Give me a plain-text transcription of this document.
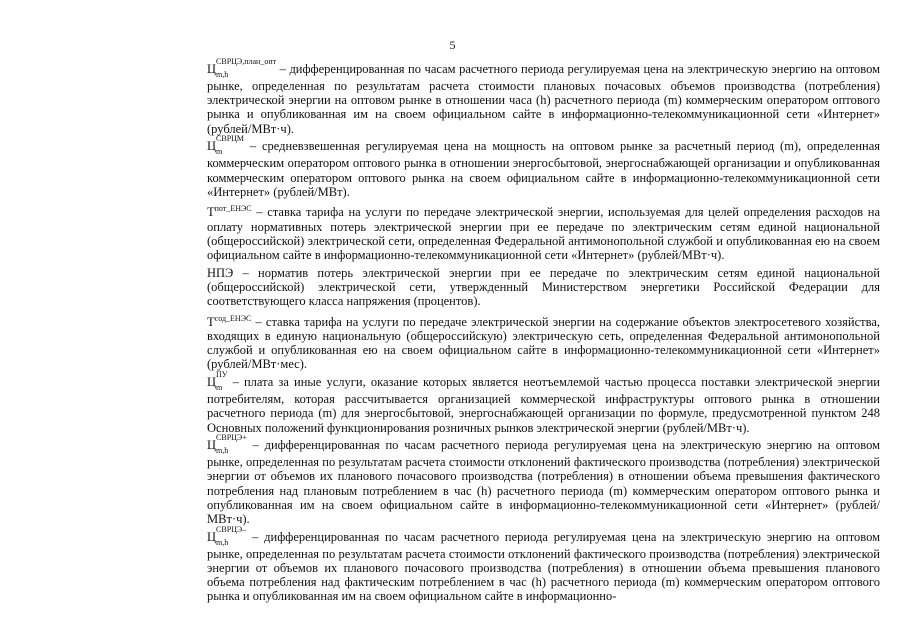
5

Ц
СВРЦЭ,план_опт
m,h	– дифференцированная по часам расчетного периода регулируемая цена на электрическую энергию на оптовом рынке, определенная по результатам расчета стоимости плановых почасовых объемов производства (потребления) электрической энергии на оптовом рынке в отношении часа (h) расчетного периода (m) коммерческим оператором оптового рынка и опубликованная им на своем официальном сайте в информационно-телекоммуникационной сети «Интернет» (рублей/МВт·ч).

Ц
СВРЦМ
m	– средневзвешенная регулируемая цена на мощность на оптовом рынке за расчетный период (m), определенная коммерческим оператором оптового рынка в отношении энергосбытовой, энергоснабжающей организации и опубликованная коммерческим оператором оптового рынка на своем официальном сайте в информационно-телекоммуникационной сети «Интернет» (рублей/МВт).

$Т^{пот\_ЕНЭС}$ – ставка тарифа на услуги по передаче электрической энергии, используемая для целей определения расходов на оплату нормативных потерь электрической энергии при ее передаче по электрическим сетям единой национальной (общероссийской) электрической сети, определенная Федеральной антимонопольной службой и опубликованная ею на своем официальном сайте в информационно-телекоммуникационной сети «Интернет» (рублей/МВт·ч).

НПЭ – норматив потерь электрической энергии при ее передаче по электрическим сетям единой национальной (общероссийской) электрической сети, утвержденный Министерством энергетики Российской Федерации для соответствующего класса напряжения (процентов).

$Т^{сод\_ЕНЭС}$ – ставка тарифа на услуги по передаче электрической энергии на содержание объектов электросетевого хозяйства, входящих в единую национальную (общероссийскую) электрическую сеть, определенная Федеральной антимонопольной службой и опубликованная ею на своем официальном сайте в информационно-телекоммуникационной сети «Интернет» (рублей/МВт·мес).

Ц
ПУ
m – плата за иные услуги, оказание которых является неотъемлемой частью процесса поставки электрической энергии потребителям, которая рассчитывается организацией коммерческой инфраструктуры оптового рынка в отношении расчетного периода (m) для энергосбытовой, энергоснабжающей организации по формуле, предусмотренной пунктом 248 Основных положений функционирования розничных рынков электрической энергии (рублей/МВт·ч).

Ц
СВРЦЭ+
m,h	– дифференцированная по часам расчетного периода регулируемая цена на электрическую энергию на оптовом рынке, определенная по результатам расчета стоимости отклонений фактического производства (потребления) электрической энергии от объемов их планового почасового производства (потребления) в отношении объема превышения фактического потребления над плановым потреблением в час (h) расчетного периода (m) коммерческим оператором оптового рынка и опубликованная им на своем официальном сайте в информационно-телекоммуникационной сети «Интернет» (рублей/МВт·ч).

Ц
СВРЦЭ–
m,h	– дифференцированная по часам расчетного периода регулируемая цена на электрическую энергию на оптовом рынке, определенная по результатам расчета стоимости отклонений фактического производства (потребления) электрической энергии от объемов их планового почасового производства (потребления) в отношении объема превышения планового объема потребления над фактическим потреблением в час (h) расчетного периода (m) коммерческим оператором оптового рынка и опубликованная им на своем официальном сайте в информационно-
